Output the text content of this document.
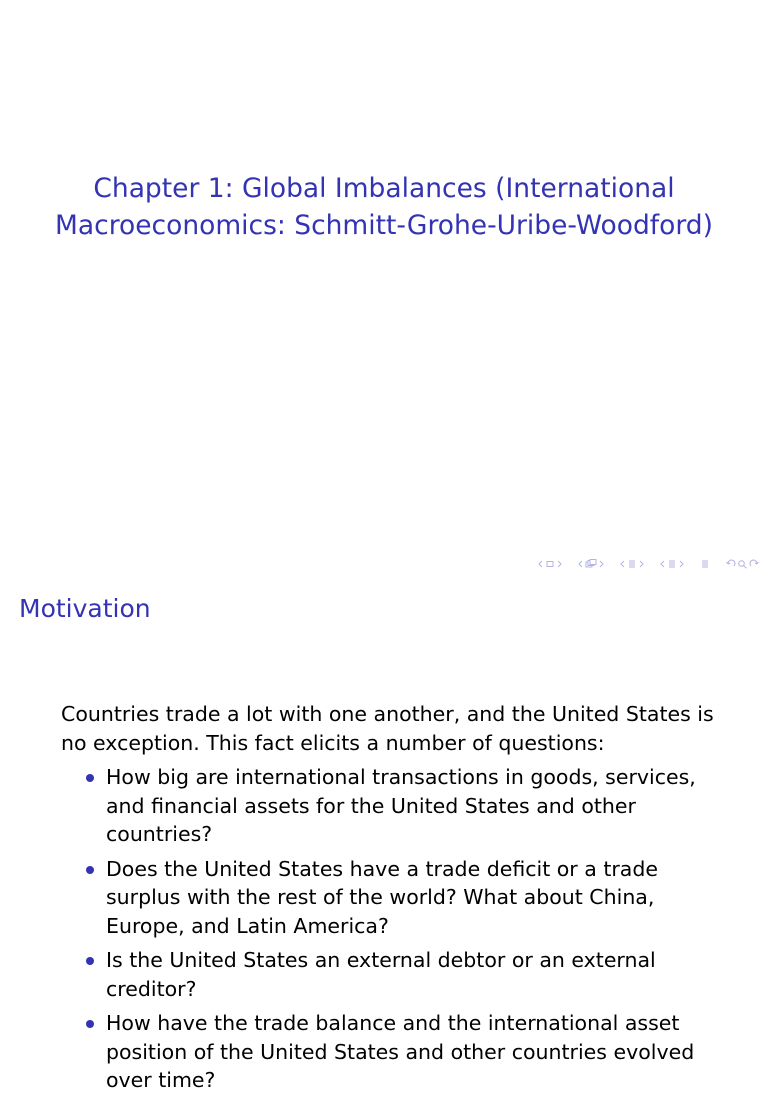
Chapter 1: Global Imbalances (International
Macroeconomics: Schmitt-Grohe-Uribe-Woodford)
Motivation

Countries trade a lot with one another, and the United States is no exception. This fact elicits a number of questions:

How big are international transactions in goods, services, and financial assets for the United States and other countries?
Does the United States have a trade deficit or a trade surplus with the rest of the world? What about China, Europe, and Latin America?
Is the United States an external debtor or an external creditor?
How have the trade balance and the international asset position of the United States and other countries evolved over time?
